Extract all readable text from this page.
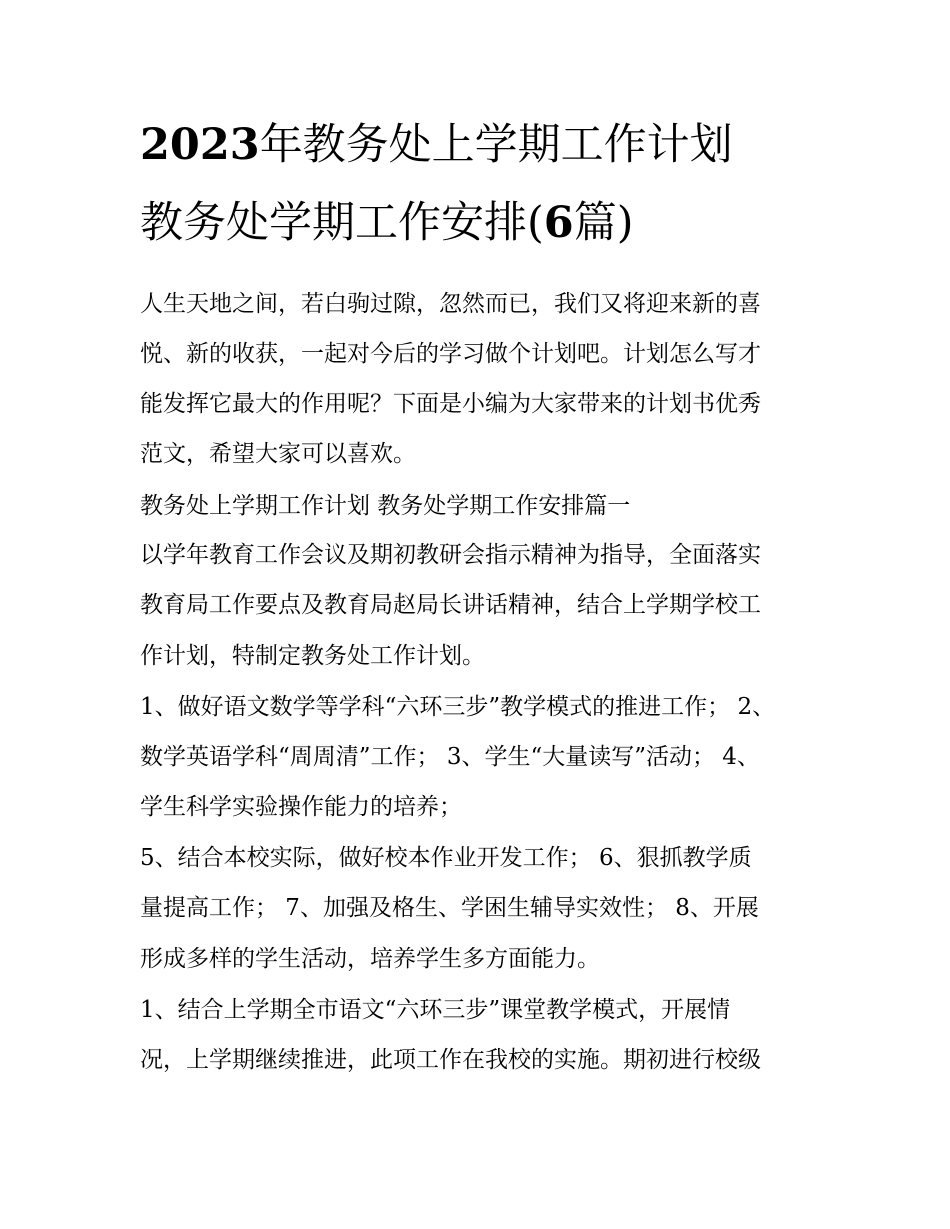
2023年教务处上学期工作计划
教务处学期工作安排(6篇)
人生天地之间，若白驹过隙，忽然而已，我们又将迎来新的喜
悦、新的收获，一起对今后的学习做个计划吧。计划怎么写才
能发挥它最大的作用呢？下面是小编为大家带来的计划书优秀
范文，希望大家可以喜欢。
教务处上学期工作计划 教务处学期工作安排篇一
以学年教育工作会议及期初教研会指示精神为指导，全面落实
教育局工作要点及教育局赵局长讲话精神，结合上学期学校工
作计划，特制定教务处工作计划。
1、做好语文数学等学科“六环三步”教学模式的推进工作； 2、
数学英语学科“周周清”工作； 3、学生“大量读写”活动； 4、
学生科学实验操作能力的培养；
5、结合本校实际，做好校本作业开发工作； 6、狠抓教学质
量提高工作； 7、加强及格生、学困生辅导实效性； 8、开展
形成多样的学生活动，培养学生多方面能力。
1、结合上学期全市语文“六环三步”课堂教学模式，开展情
况，上学期继续推进，此项工作在我校的实施。期初进行校级
